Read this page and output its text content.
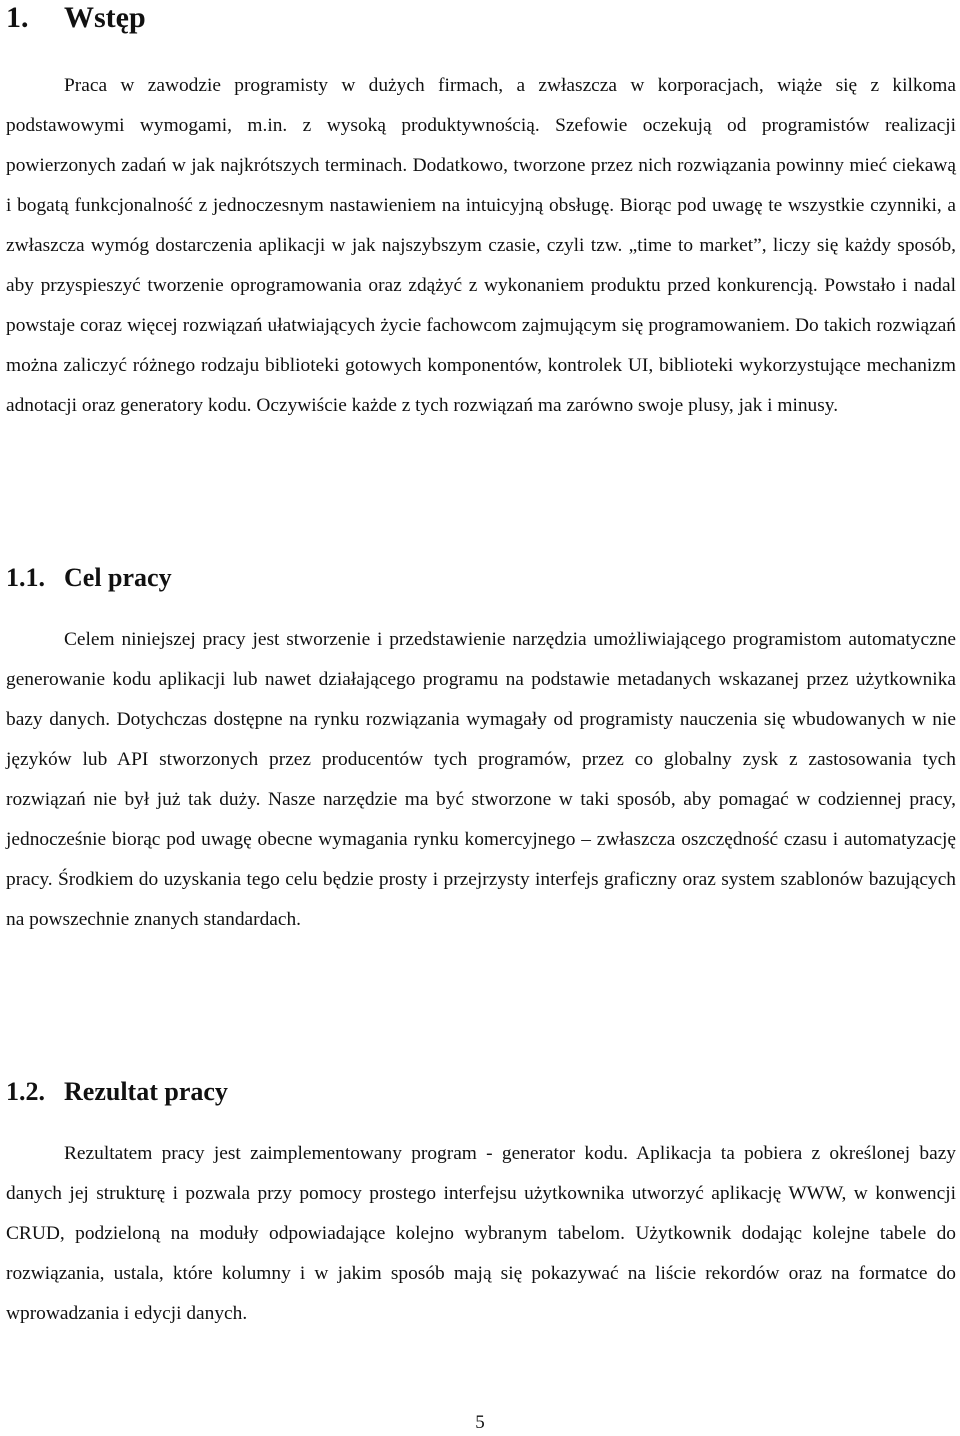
1. Wstęp

Praca w zawodzie programisty w dużych firmach, a zwłaszcza w korporacjach, wiąże się z kilkoma podstawowymi wymogami, m.in. z wysoką produktywnością. Szefowie oczekują od programistów realizacji powierzonych zadań w jak najkrótszych terminach. Dodatkowo, tworzone przez nich rozwiązania powinny mieć ciekawą i bogatą funkcjonalność z jednoczesnym nastawieniem na intuicyjną obsługę. Biorąc pod uwagę te wszystkie czynniki, a zwłaszcza wymóg dostarczenia aplikacji w jak najszybszym czasie, czyli tzw. „time to market”, liczy się każdy sposób, aby przyspieszyć tworzenie oprogramowania oraz zdążyć z wykonaniem produktu przed konkurencją. Powstało i nadal powstaje coraz więcej rozwiązań ułatwiających życie fachowcom zajmującym się programowaniem. Do takich rozwiązań można zaliczyć różnego rodzaju biblioteki gotowych komponentów, kontrolek UI, biblioteki wykorzystujące mechanizm adnotacji oraz generatory kodu. Oczywiście każde z tych rozwiązań ma zarówno swoje plusy, jak i minusy.

1.1. Cel pracy

Celem niniejszej pracy jest stworzenie i przedstawienie narzędzia umożliwiającego programistom automatyczne generowanie kodu aplikacji lub nawet działającego programu na podstawie metadanych wskazanej przez użytkownika bazy danych. Dotychczas dostępne na rynku rozwiązania wymagały od programisty nauczenia się wbudowanych w nie języków lub API stworzonych przez producentów tych programów, przez co globalny zysk z zastosowania tych rozwiązań nie był już tak duży. Nasze narzędzie ma być stworzone w taki sposób, aby pomagać w codziennej pracy, jednocześnie biorąc pod uwagę obecne wymagania rynku komercyjnego – zwłaszcza oszczędność czasu i automatyzację pracy. Środkiem do uzyskania tego celu będzie prosty i przejrzysty interfejs graficzny oraz system szablonów bazujących na powszechnie znanych standardach.

1.2. Rezultat pracy

Rezultatem pracy jest zaimplementowany program - generator kodu. Aplikacja ta pobiera z określonej bazy danych jej strukturę i pozwala przy pomocy prostego interfejsu użytkownika utworzyć aplikację WWW, w konwencji CRUD, podzieloną na moduły odpowiadające kolejno wybranym tabelom. Użytkownik dodając kolejne tabele do rozwiązania, ustala, które kolumny i w jakim sposób mają się pokazywać na liście rekordów oraz na formatce do wprowadzania i edycji danych.

5
